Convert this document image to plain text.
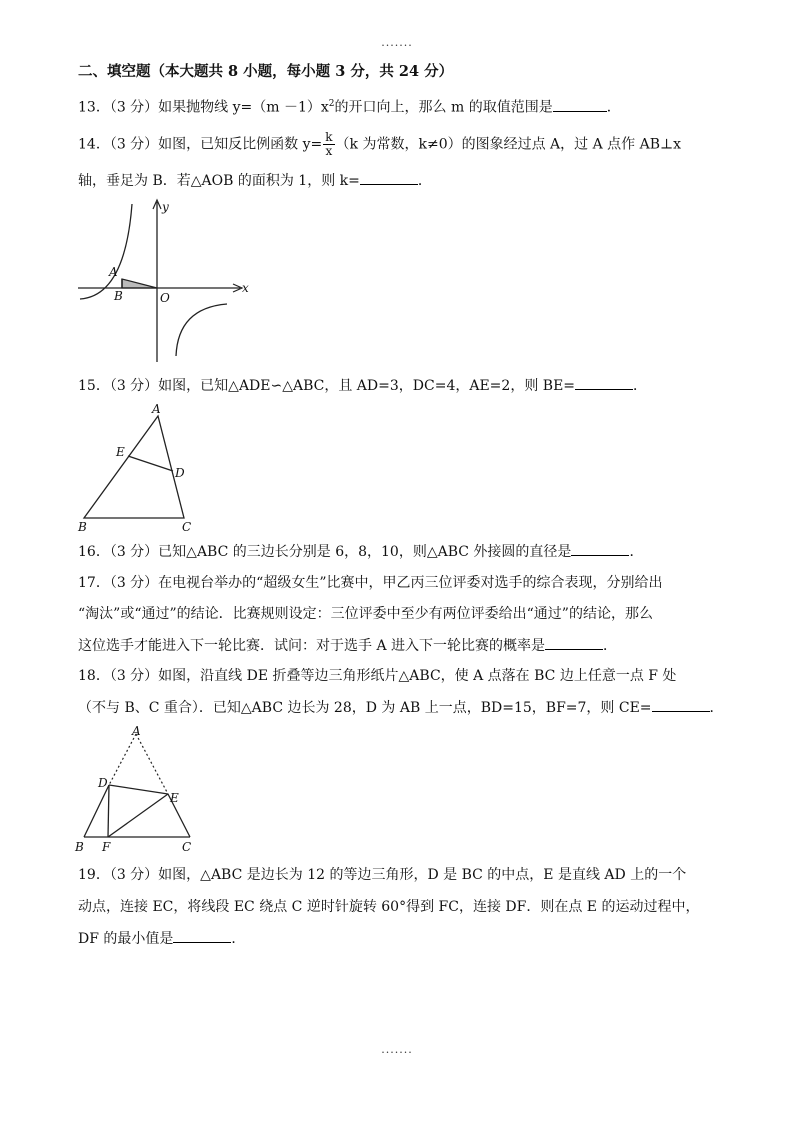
.......
二、填空题（本大题共 8 小题，每小题 3 分，共 24 分）
13．（3 分）如果抛物线 $y=(m -1)x^2$的开口向上，那么 m 的取值范围是	．
14．（3 分）如图，已知反比例函数 $y= \frac{k}{x} (k$ 为常数，k≠0）的图象经过点 A，过 A 点作 AB⊥x
轴，垂足为 B．若△AOB 的面积为 1，则 k=	．
y
x
A
B	O
15．（3 分）如图，已知△ADE∽△ABC，且 AD=3，DC=4，AE=2，则 BE=	．
A
E
D
B	C
16．（3 分）已知△ABC 的三边长分别是 6，8，10，则△ABC 外接圆的直径是	．
17．（3 分）在电视台举办的“超级女生”比赛中，甲乙丙三位评委对选手的综合表现，分别给出
“淘汰”或“通过”的结论．比赛规则设定：三位评委中至少有两位评委给出“通过”的结论，那么
这位选手才能进入下一轮比赛．试问：对于选手 A 进入下一轮比赛的概率是	．
18．（3 分）如图，沿直线 DE 折叠等边三角形纸片△ABC，使 A 点落在 BC 边上任意一点 F 处
（不与 B、C 重合）．已知△ABC 边长为 28，D 为 AB 上一点，BD=15，BF=7，则 CE=	．
A
D
E
B F	C
19．（3 分）如图，△ABC 是边长为 12 的等边三角形，D 是 BC 的中点，E 是直线 AD 上的一个
动点，连接 EC，将线段 EC 绕点 C 逆时针旋转 60°得到 FC，连接 DF．则在点 E 的运动过程中，
DF 的最小值是	．
.......
